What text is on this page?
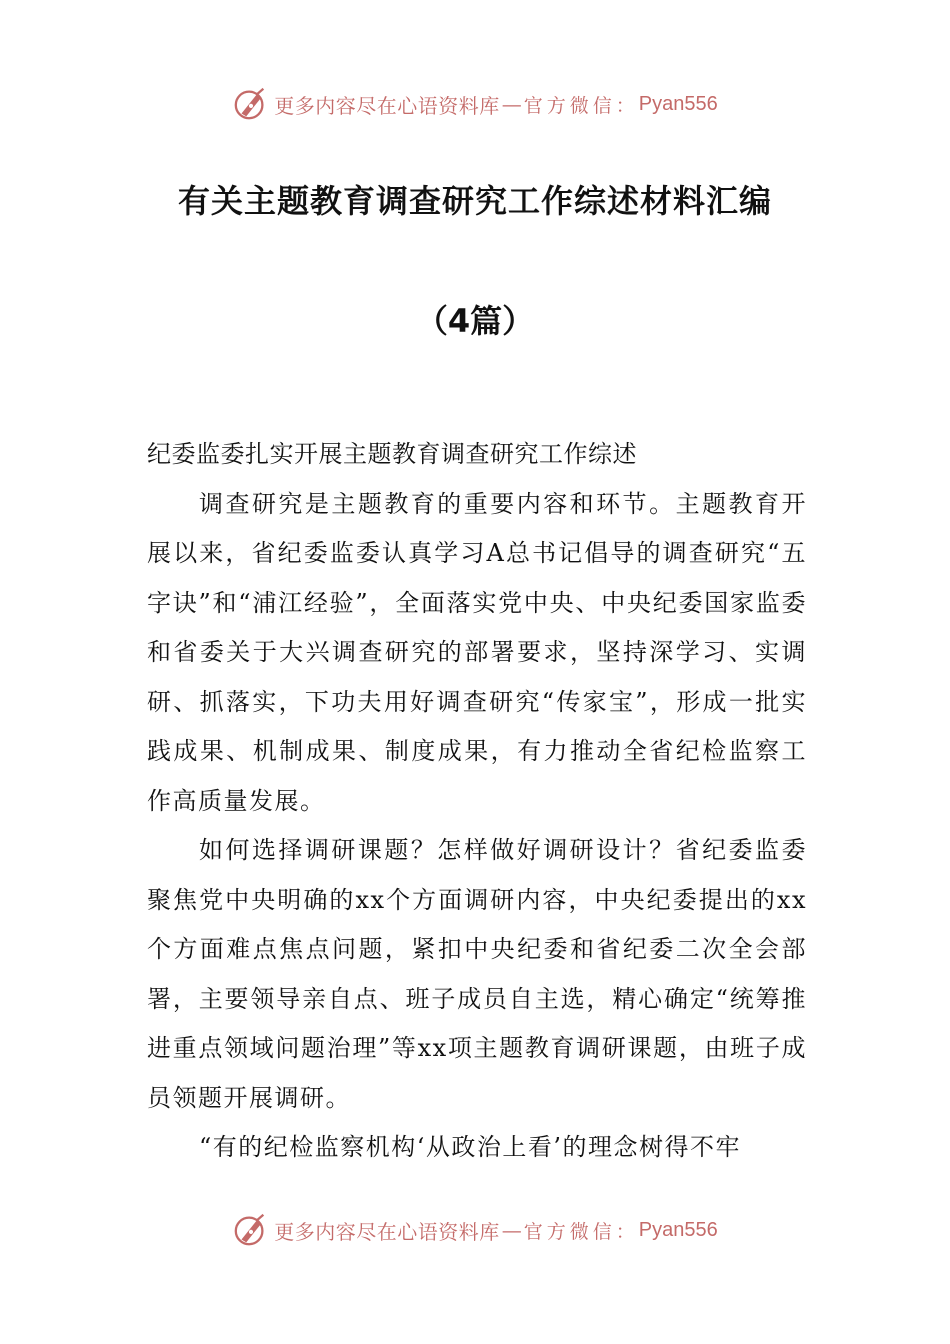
更多内容尽在心语资料库 — 官方微信： Pyan556
有关主题教育调查研究工作综述材料汇编
（4篇）

纪委监委扎实开展主题教育调查研究工作综述

调查研究是主题教育的重要内容和环节。主题教育开展以来，省纪委监委认真学习A总书记倡导的调查研究“五字诀”和“浦江经验”，全面落实党中央、中央纪委国家监委和省委关于大兴调查研究的部署要求，坚持深学习、实调研、抓落实，下功夫用好调查研究“传家宝”，形成一批实践成果、机制成果、制度成果，有力推动全省纪检监察工作高质量发展。

如何选择调研课题？怎样做好调研设计？省纪委监委聚焦党中央明确的xx个方面调研内容，中央纪委提出的xx个方面难点焦点问题，紧扣中央纪委和省纪委二次全会部署，主要领导亲自点、班子成员自主选，精心确定“统筹推进重点领域问题治理”等xx项主题教育调研课题，由班子成员领题开展调研。

“有的纪检监察机构‘从政治上看’的理念树得不牢

更多内容尽在心语资料库 — 官方微信： Pyan556
